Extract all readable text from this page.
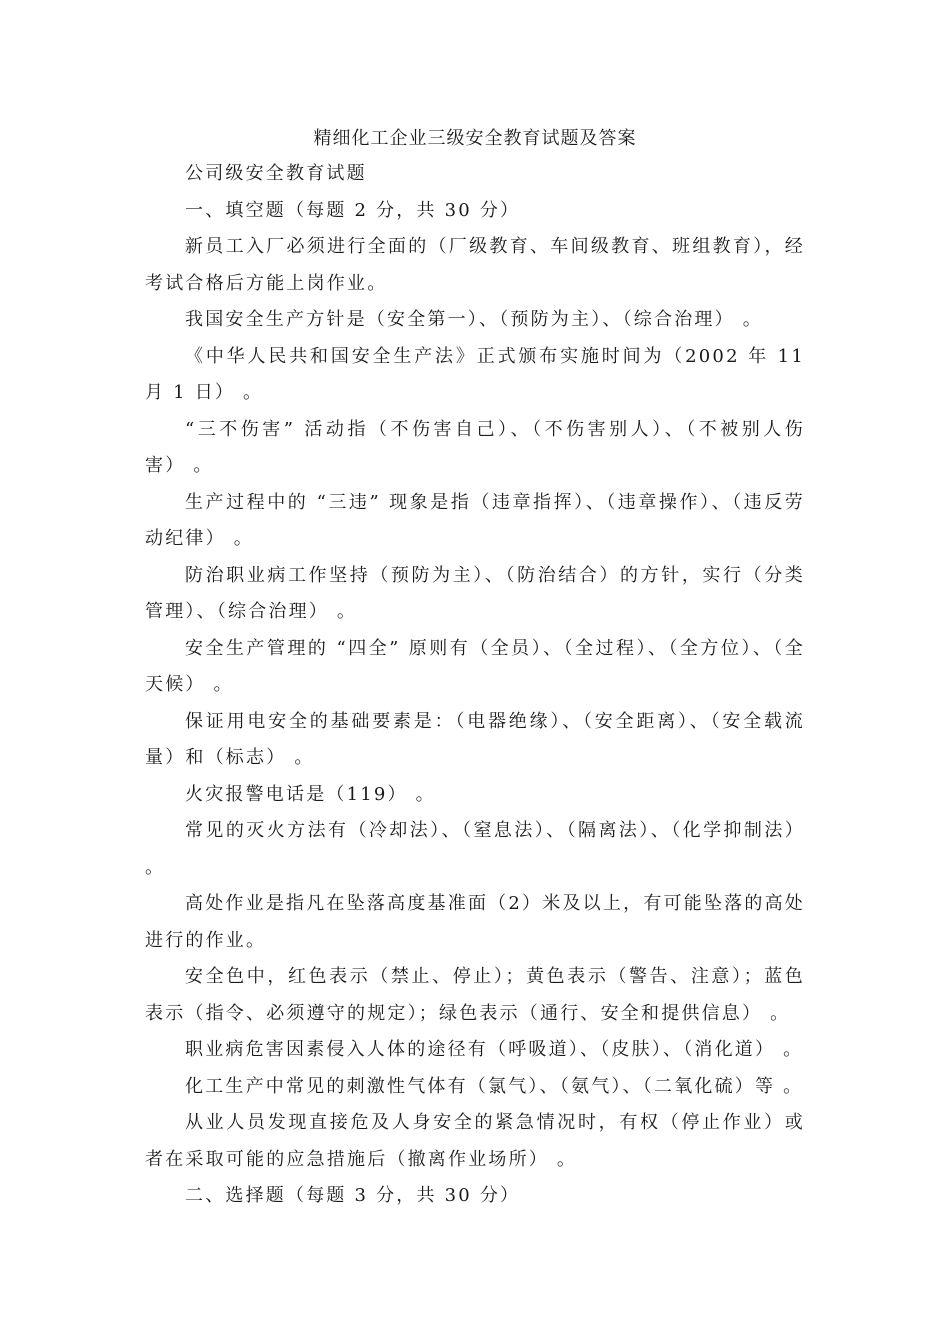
精细化工企业三级安全教育试题及答案

公司级安全教育试题

一、填空题（每题 2 分，共 30 分）

新员工入厂必须进行全面的（厂级教育、车间级教育、班组教育），经考试合格后方能上岗作业。

我国安全生产方针是（安全第一）、（预防为主）、（综合治理） 。

《中华人民共和国安全生产法》正式颁布实施时间为（2002 年 11 月 1 日） 。

“三不伤害” 活动指（不伤害自己）、（不伤害别人）、（不被别人伤害） 。

生产过程中的 “三违” 现象是指（违章指挥）、（违章操作）、（违反劳动纪律） 。

防治职业病工作坚持（预防为主）、（防治结合）的方针，实行（分类管理）、（综合治理） 。

安全生产管理的 “四全” 原则有（全员）、（全过程）、（全方位）、（全天候） 。

保证用电安全的基础要素是：（电器绝缘）、（安全距离）、（安全载流量）和（标志） 。

火灾报警电话是（119） 。

常见的灭火方法有（冷却法）、（窒息法）、（隔离法）、（化学抑制法） 。

高处作业是指凡在坠落高度基准面（2）米及以上，有可能坠落的高处进行的作业。

安全色中，红色表示（禁止、停止）；黄色表示（警告、注意）；蓝色表示（指令、必须遵守的规定）；绿色表示（通行、安全和提供信息） 。

职业病危害因素侵入人体的途径有（呼吸道）、（皮肤）、（消化道） 。

化工生产中常见的刺激性气体有（氯气）、（氨气）、（二氧化硫）等 。

从业人员发现直接危及人身安全的紧急情况时，有权（停止作业）或者在采取可能的应急措施后（撤离作业场所） 。

二、选择题（每题 3 分，共 30 分）
